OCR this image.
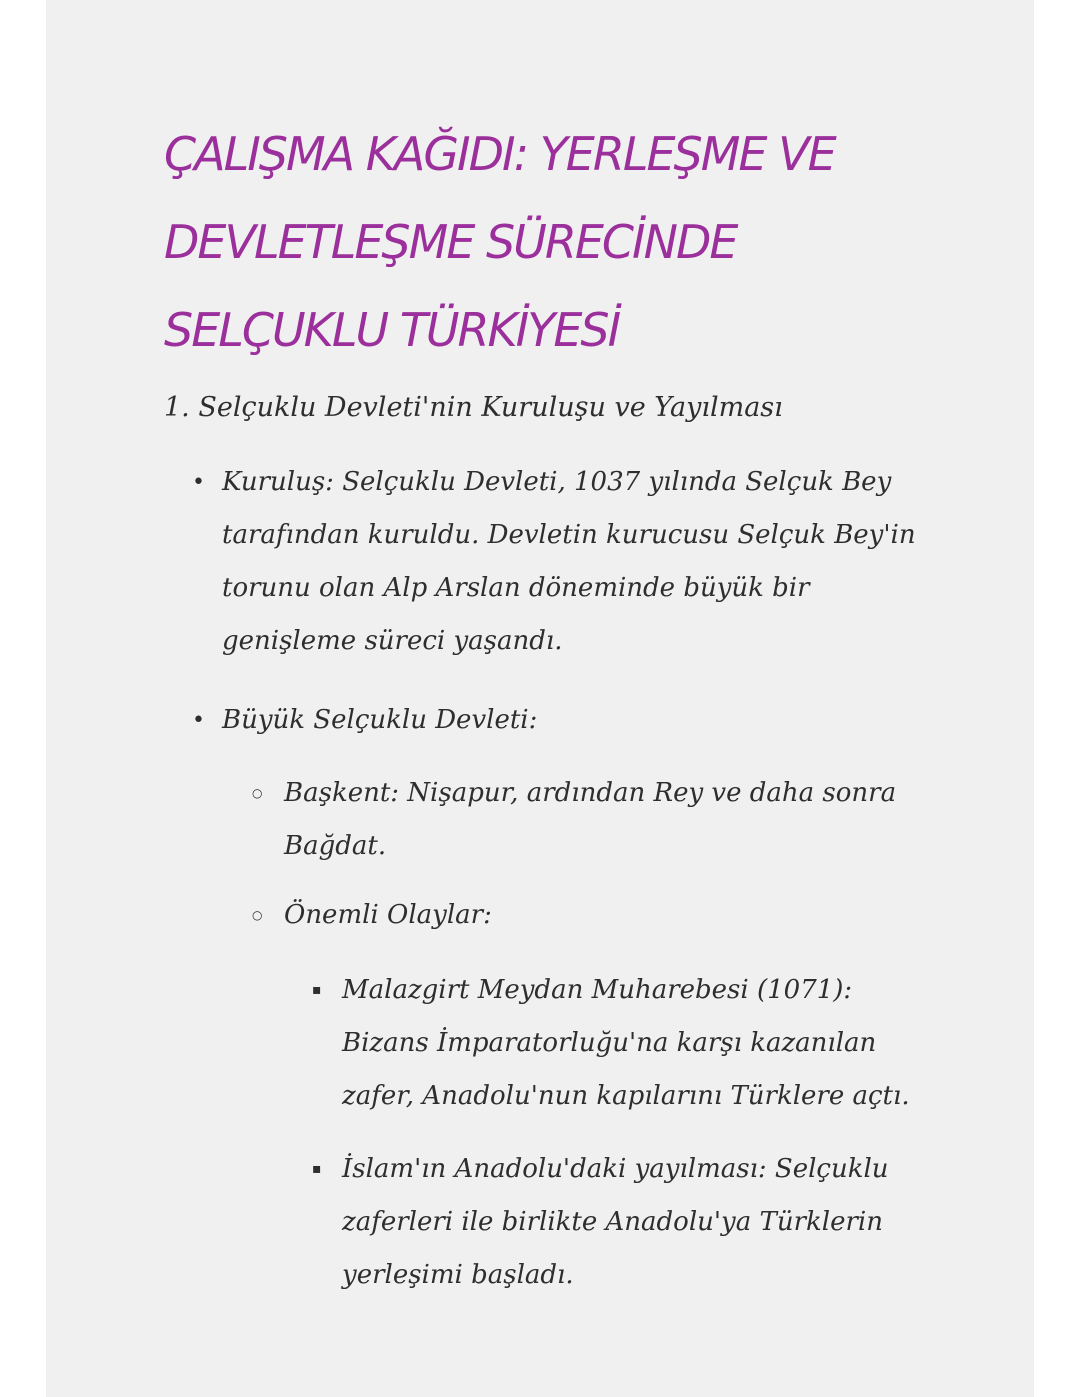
ÇALIŞMA KAĞIDI: YERLEŞME VE DEVLETLEŞME SÜRECİNDE SELÇUKLU TÜRKİYESİ
1. Selçuklu Devleti'nin Kuruluşu ve Yayılması
• Kuruluş: Selçuklu Devleti, 1037 yılında Selçuk Bey tarafından kuruldu. Devletin kurucusu Selçuk Bey'in torunu olan Alp Arslan döneminde büyük bir genişleme süreci yaşandı.
• Büyük Selçuklu Devleti:
○ Başkent: Nişapur, ardından Rey ve daha sonra Bağdat.
○ Önemli Olaylar:
▪ Malazgirt Meydan Muharebesi (1071): Bizans İmparatorluğu'na karşı kazanılan zafer, Anadolu'nun kapılarını Türklere açtı.
▪ İslam'ın Anadolu'daki yayılması: Selçuklu zaferleri ile birlikte Anadolu'ya Türklerin yerleşimi başladı.
